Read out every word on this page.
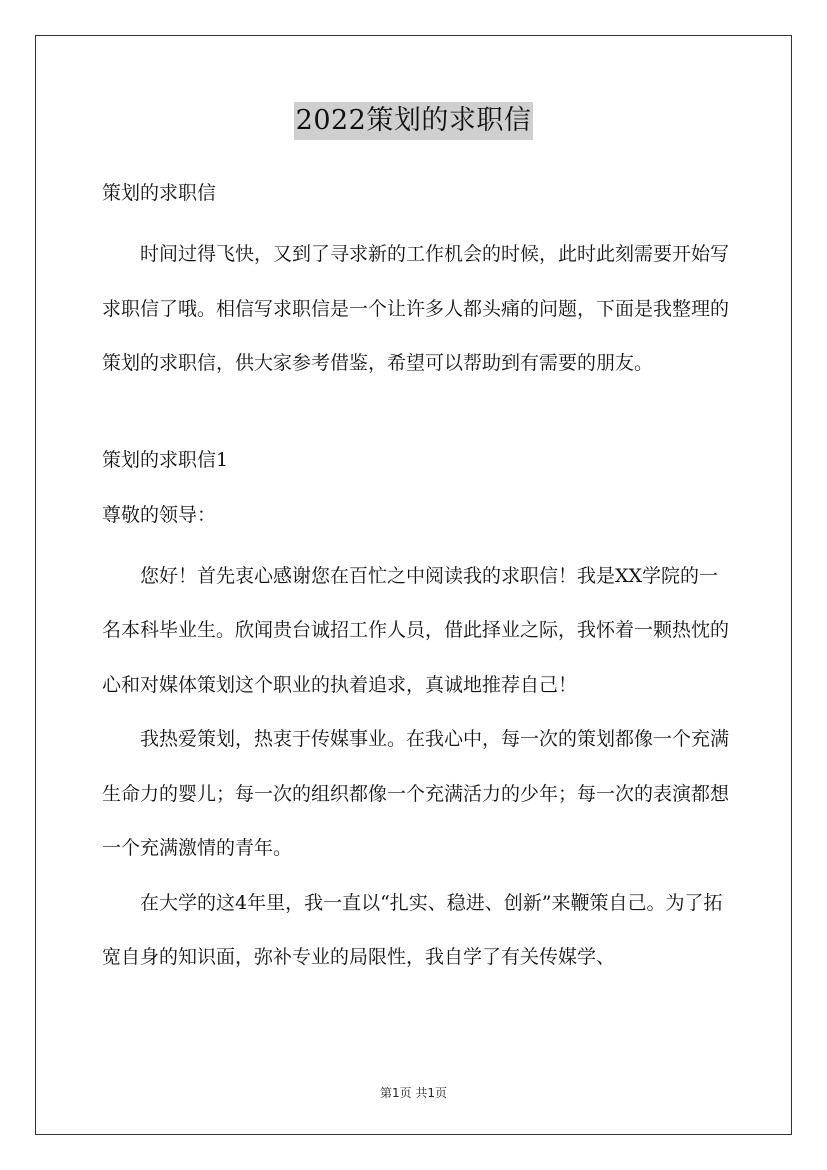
2022策划的求职信

策划的求职信

时间过得飞快，又到了寻求新的工作机会的时候，此时此刻需要开始写求职信了哦。相信写求职信是一个让许多人都头痛的问题，下面是我整理的策划的求职信，供大家参考借鉴，希望可以帮助到有需要的朋友。

策划的求职信1

尊敬的领导：

您好！首先衷心感谢您在百忙之中阅读我的求职信！我是XX学院的一名本科毕业生。欣闻贵台诚招工作人员，借此择业之际，我怀着一颗热忱的心和对媒体策划这个职业的执着追求，真诚地推荐自己！

我热爱策划，热衷于传媒事业。在我心中，每一次的策划都像一个充满生命力的婴儿；每一次的组织都像一个充满活力的少年；每一次的表演都想一个充满激情的青年。

在大学的这4年里，我一直以“扎实、稳进、创新”来鞭策自己。为了拓宽自身的知识面，弥补专业的局限性，我自学了有关传媒学、

第1页 共1页
